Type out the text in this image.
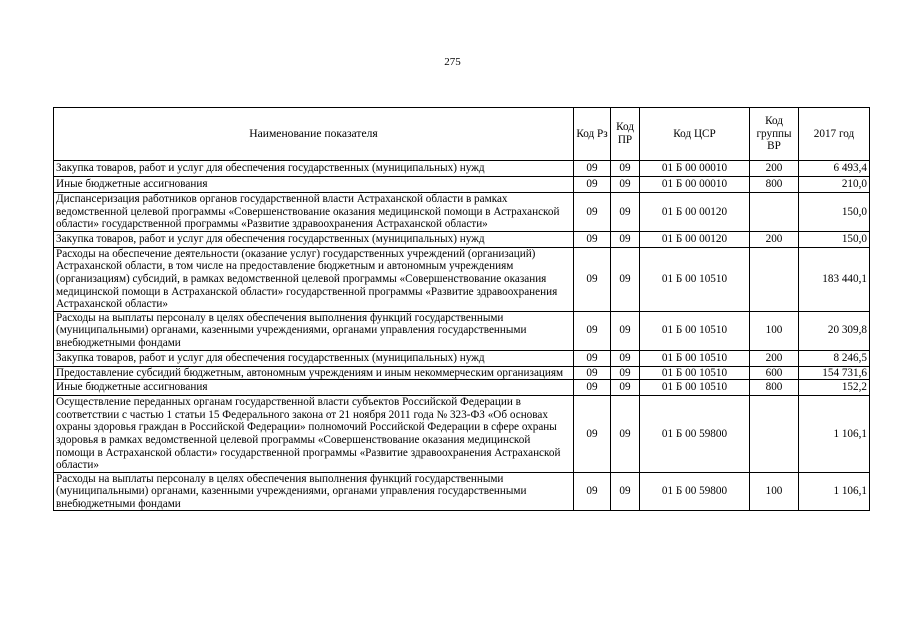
275
Наименование показателя	Код Рз	Код ПР	Код ЦСР	Код группы ВР	2017 год
Закупка товаров, работ и услуг для обеспечения государственных (муниципальных) нужд	09	09	01 Б 00 00010	200	6 493,4
Иные бюджетные ассигнования	09	09	01 Б 00 00010	800	210,0
Диспансеризация работников органов государственной власти Астраханской области в рамках ведомственной целевой программы «Совершенствование оказания медицинской помощи в Астраханской области» государственной программы «Развитие здравоохранения Астраханской области»	09	09	01 Б 00 00120		150,0
Закупка товаров, работ и услуг для обеспечения государственных (муниципальных) нужд	09	09	01 Б 00 00120	200	150,0
Расходы на обеспечение деятельности (оказание услуг) государственных учреждений (организаций) Астраханской области, в том числе на предоставление бюджетным и автономным учреждениям (организациям) субсидий, в рамках ведомственной целевой программы «Совершенствование оказания медицинской помощи в Астраханской области» государственной программы «Развитие здравоохранения Астраханской области»	09	09	01 Б 00 10510		183 440,1
Расходы на выплаты персоналу в целях обеспечения выполнения функций государственными (муниципальными) органами, казенными учреждениями, органами управления государственными внебюджетными фондами	09	09	01 Б 00 10510	100	20 309,8
Закупка товаров, работ и услуг для обеспечения государственных (муниципальных) нужд	09	09	01 Б 00 10510	200	8 246,5
Предоставление субсидий бюджетным, автономным учреждениям и иным некоммерческим организациям	09	09	01 Б 00 10510	600	154 731,6
Иные бюджетные ассигнования	09	09	01 Б 00 10510	800	152,2
Осуществление переданных органам государственной власти субъектов Российской Федерации в соответствии с частью 1 статьи 15 Федерального закона от 21 ноября 2011 года № 323-ФЗ «Об основах охраны здоровья граждан в Российской Федерации» полномочий Российской Федерации в сфере охраны здоровья в рамках ведомственной целевой программы «Совершенствование оказания медицинской помощи в Астраханской области» государственной программы «Развитие здравоохранения Астраханской области»	09	09	01 Б 00 59800		1 106,1
Расходы на выплаты персоналу в целях обеспечения выполнения функций государственными (муниципальными) органами, казенными учреждениями, органами управления государственными внебюджетными фондами	09	09	01 Б 00 59800	100	1 106,1
